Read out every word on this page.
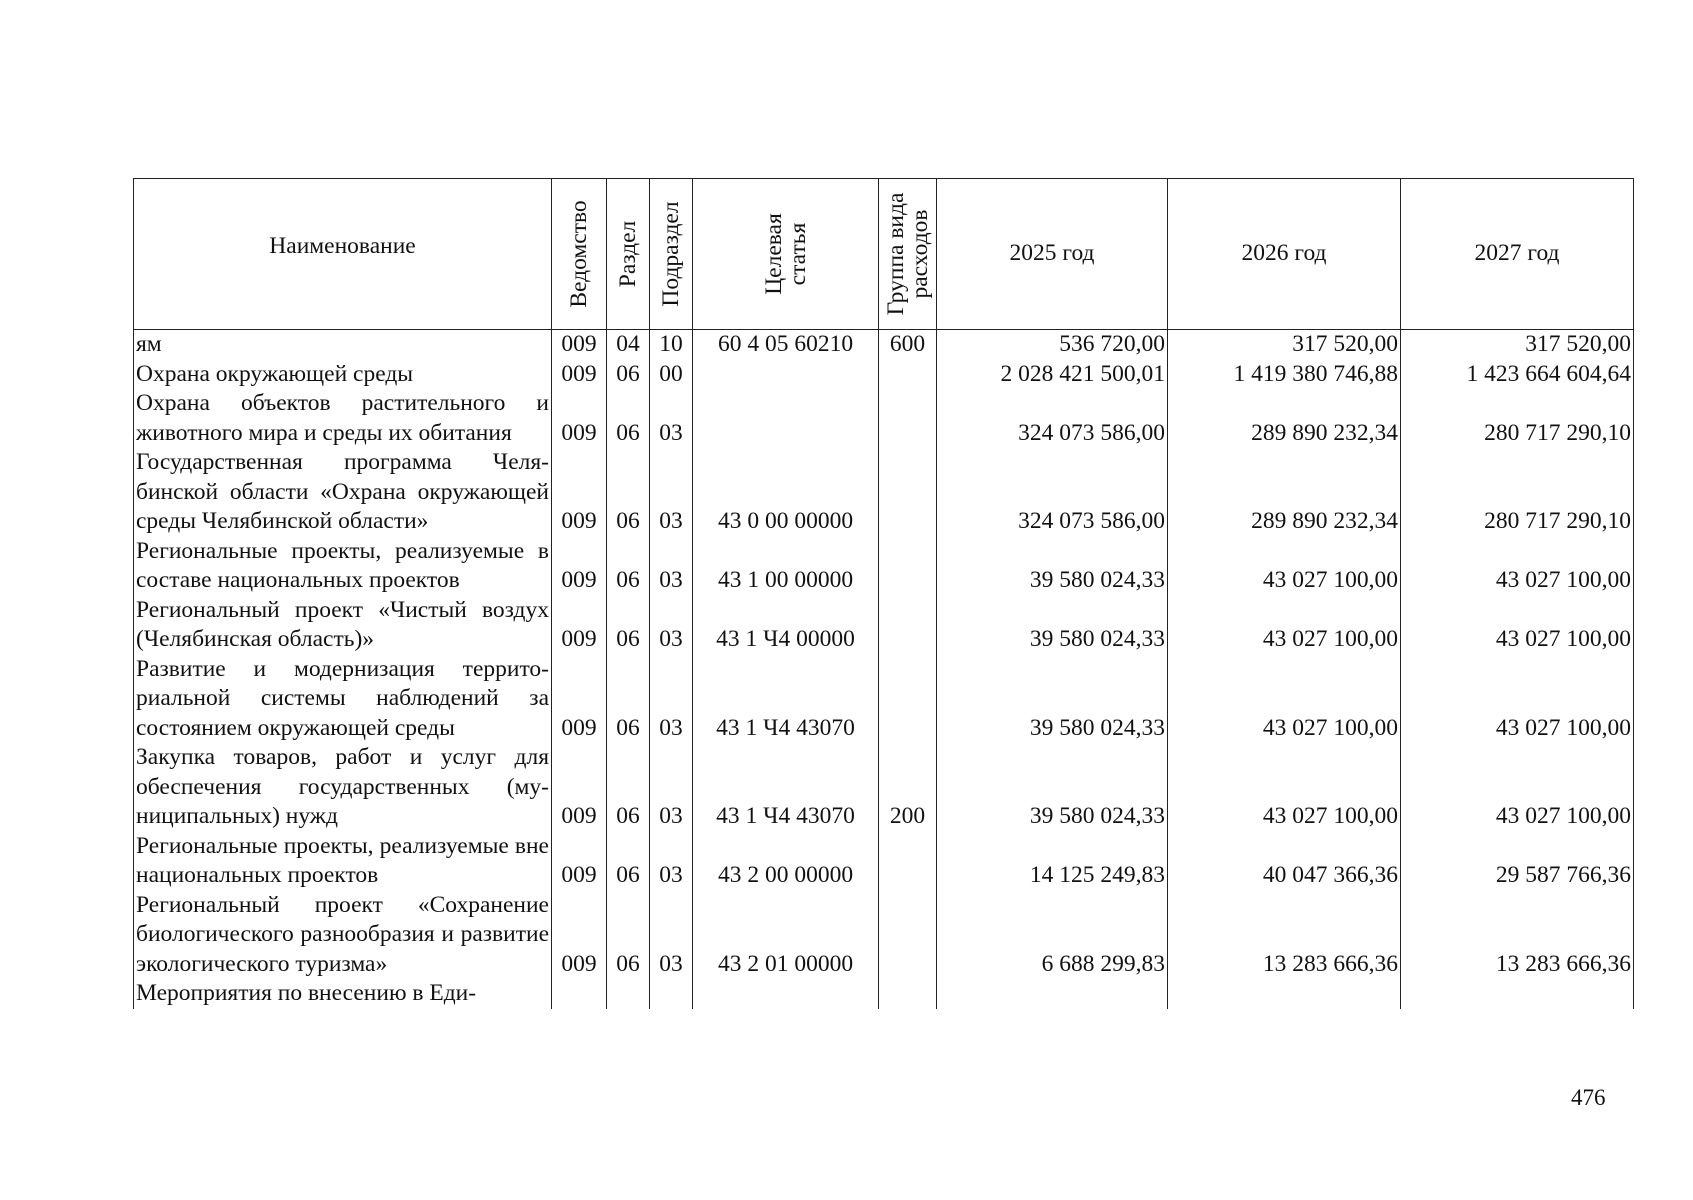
Наименование	Ведомство	Раздел	Подраздел	Целевая статья	Группа вида расходов	2025 год	2026 год	2027 год
ям	009	04	10	60 4 05 60210	600	536 720,00	317 520,00	317 520,00
Охрана окружающей среды	009	06	00			2 028 421 500,01	1 419 380 746,88	1 423 664 604,64
Охрана объектов растительного и животного мира и среды их обитания	009	06	03			324 073 586,00	289 890 232,34	280 717 290,10
Государственная программа Челябинской области «Охрана окружающей среды Челябинской области»	009	06	03	43 0 00 00000		324 073 586,00	289 890 232,34	280 717 290,10
Региональные проекты, реализуемые в составе национальных проектов	009	06	03	43 1 00 00000		39 580 024,33	43 027 100,00	43 027 100,00
Региональный проект «Чистый воздух (Челябинская область)»	009	06	03	43 1 Ч4 00000		39 580 024,33	43 027 100,00	43 027 100,00
Развитие и модернизация территориальной системы наблюдений за состоянием окружающей среды	009	06	03	43 1 Ч4 43070		39 580 024,33	43 027 100,00	43 027 100,00
Закупка товаров, работ и услуг для обеспечения государственных (муниципальных) нужд	009	06	03	43 1 Ч4 43070	200	39 580 024,33	43 027 100,00	43 027 100,00
Региональные проекты, реализуемые вне национальных проектов	009	06	03	43 2 00 00000		14 125 249,83	40 047 366,36	29 587 766,36
Региональный проект «Сохранение биологического разнообразия и развитие экологического туризма»	009	06	03	43 2 01 00000		6 688 299,83	13 283 666,36	13 283 666,36
Мероприятия по внесению в Еди-								
476
